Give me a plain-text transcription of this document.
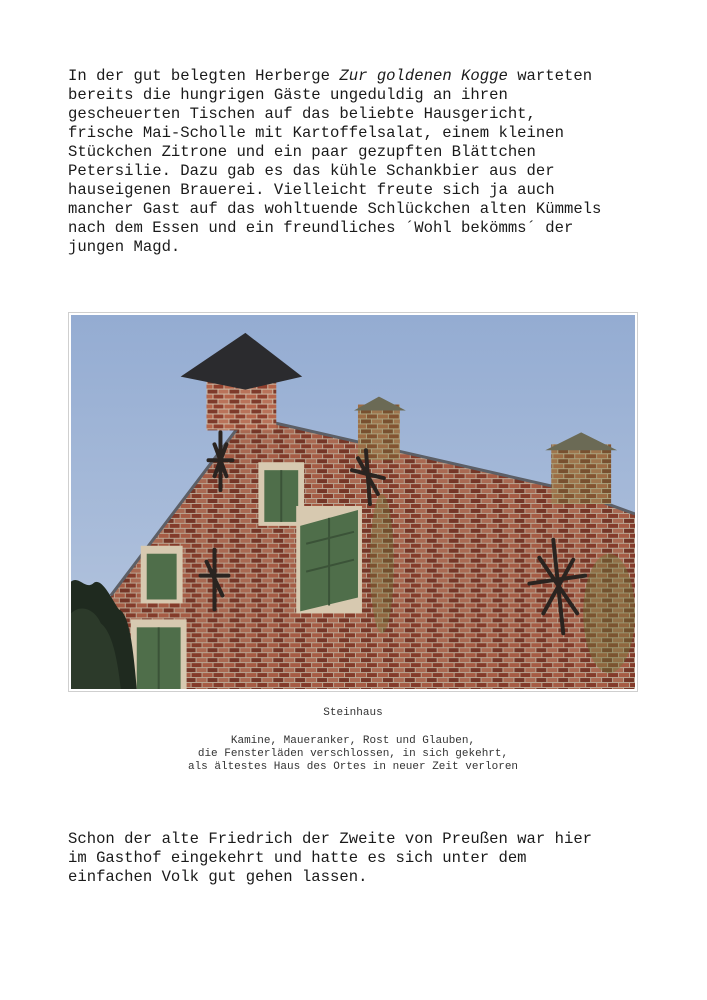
In der gut belegten Herberge Zur goldenen Kogge warteten
bereits die hungrigen Gäste ungeduldig an ihren
gescheuerten Tischen auf das beliebte Hausgericht,
frische Mai-Scholle mit Kartoffelsalat, einem kleinen
Stückchen Zitrone und ein paar gezupften Blättchen
Petersilie. Dazu gab es das kühle Schankbier aus der
hauseigenen Brauerei. Vielleicht freute sich ja auch
mancher Gast auf das wohltuende Schlückchen alten Kümmels
nach dem Essen und ein freundliches ´Wohl bekömms´ der
jungen Magd.

Steinhaus

Kamine, Maueranker, Rost und Glauben,
die Fensterläden verschlossen, in sich gekehrt,
als ältestes Haus des Ortes in neuer Zeit verloren

Schon der alte Friedrich der Zweite von Preußen war hier
im Gasthof eingekehrt und hatte es sich unter dem
einfachen Volk gut gehen lassen.
